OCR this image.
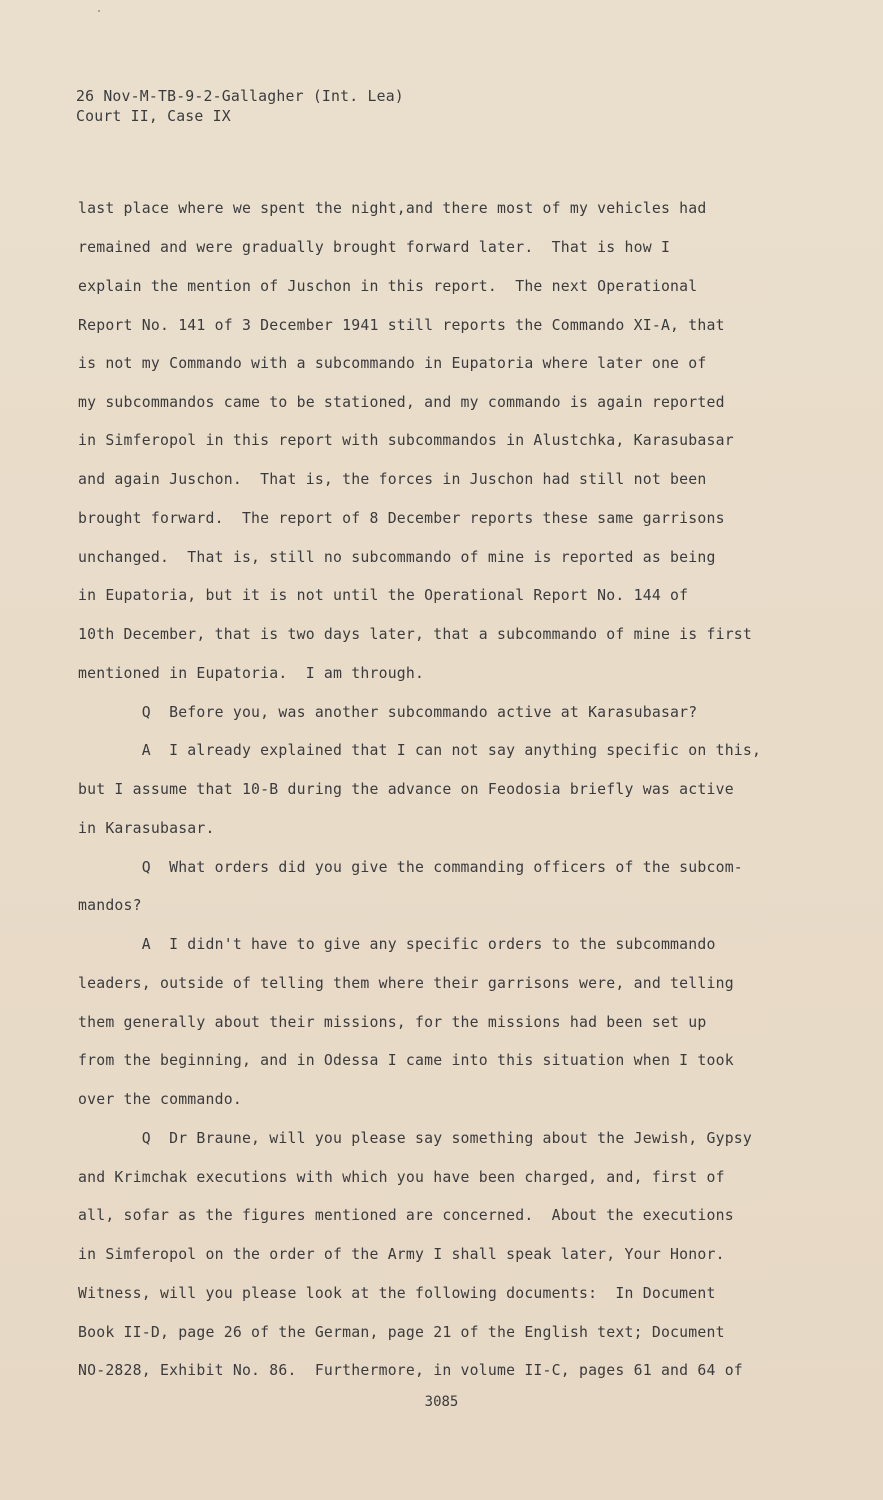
26 Nov-M-TB-9-2-Gallagher (Int. Lea)
Court II, Case IX
last place where we spent the night,and there most of my vehicles had
remained and were gradually brought forward later.  That is how I
explain the mention of Juschon in this report.  The next Operational
Report No. 141 of 3 December 1941 still reports the Commando XI-A, that
is not my Commando with a subcommando in Eupatoria where later one of
my subcommandos came to be stationed, and my commando is again reported
in Simferopol in this report with subcommandos in Alustchka, Karasubasar
and again Juschon.  That is, the forces in Juschon had still not been
brought forward.  The report of 8 December reports these same garrisons
unchanged.  That is, still no subcommando of mine is reported as being
in Eupatoria, but it is not until the Operational Report No. 144 of
10th December, that is two days later, that a subcommando of mine is first
mentioned in Eupatoria.  I am through.
Q  Before you, was another subcommando active at Karasubasar?
A  I already explained that I can not say anything specific on this,
but I assume that 10-B during the advance on Feodosia briefly was active
in Karasubasar.
Q  What orders did you give the commanding officers of the subcom-
mandos?
A  I didn't have to give any specific orders to the subcommando
leaders, outside of telling them where their garrisons were, and telling
them generally about their missions, for the missions had been set up
from the beginning, and in Odessa I came into this situation when I took
over the commando.
Q  Dr Braune, will you please say something about the Jewish, Gypsy
and Krimchak executions with which you have been charged, and, first of
all, sofar as the figures mentioned are concerned.  About the executions
in Simferopol on the order of the Army I shall speak later, Your Honor.
Witness, will you please look at the following documents:  In Document
Book II-D, page 26 of the German, page 21 of the English text; Document
NO-2828, Exhibit No. 86.  Furthermore, in volume II-C, pages 61 and 64 of
3085
